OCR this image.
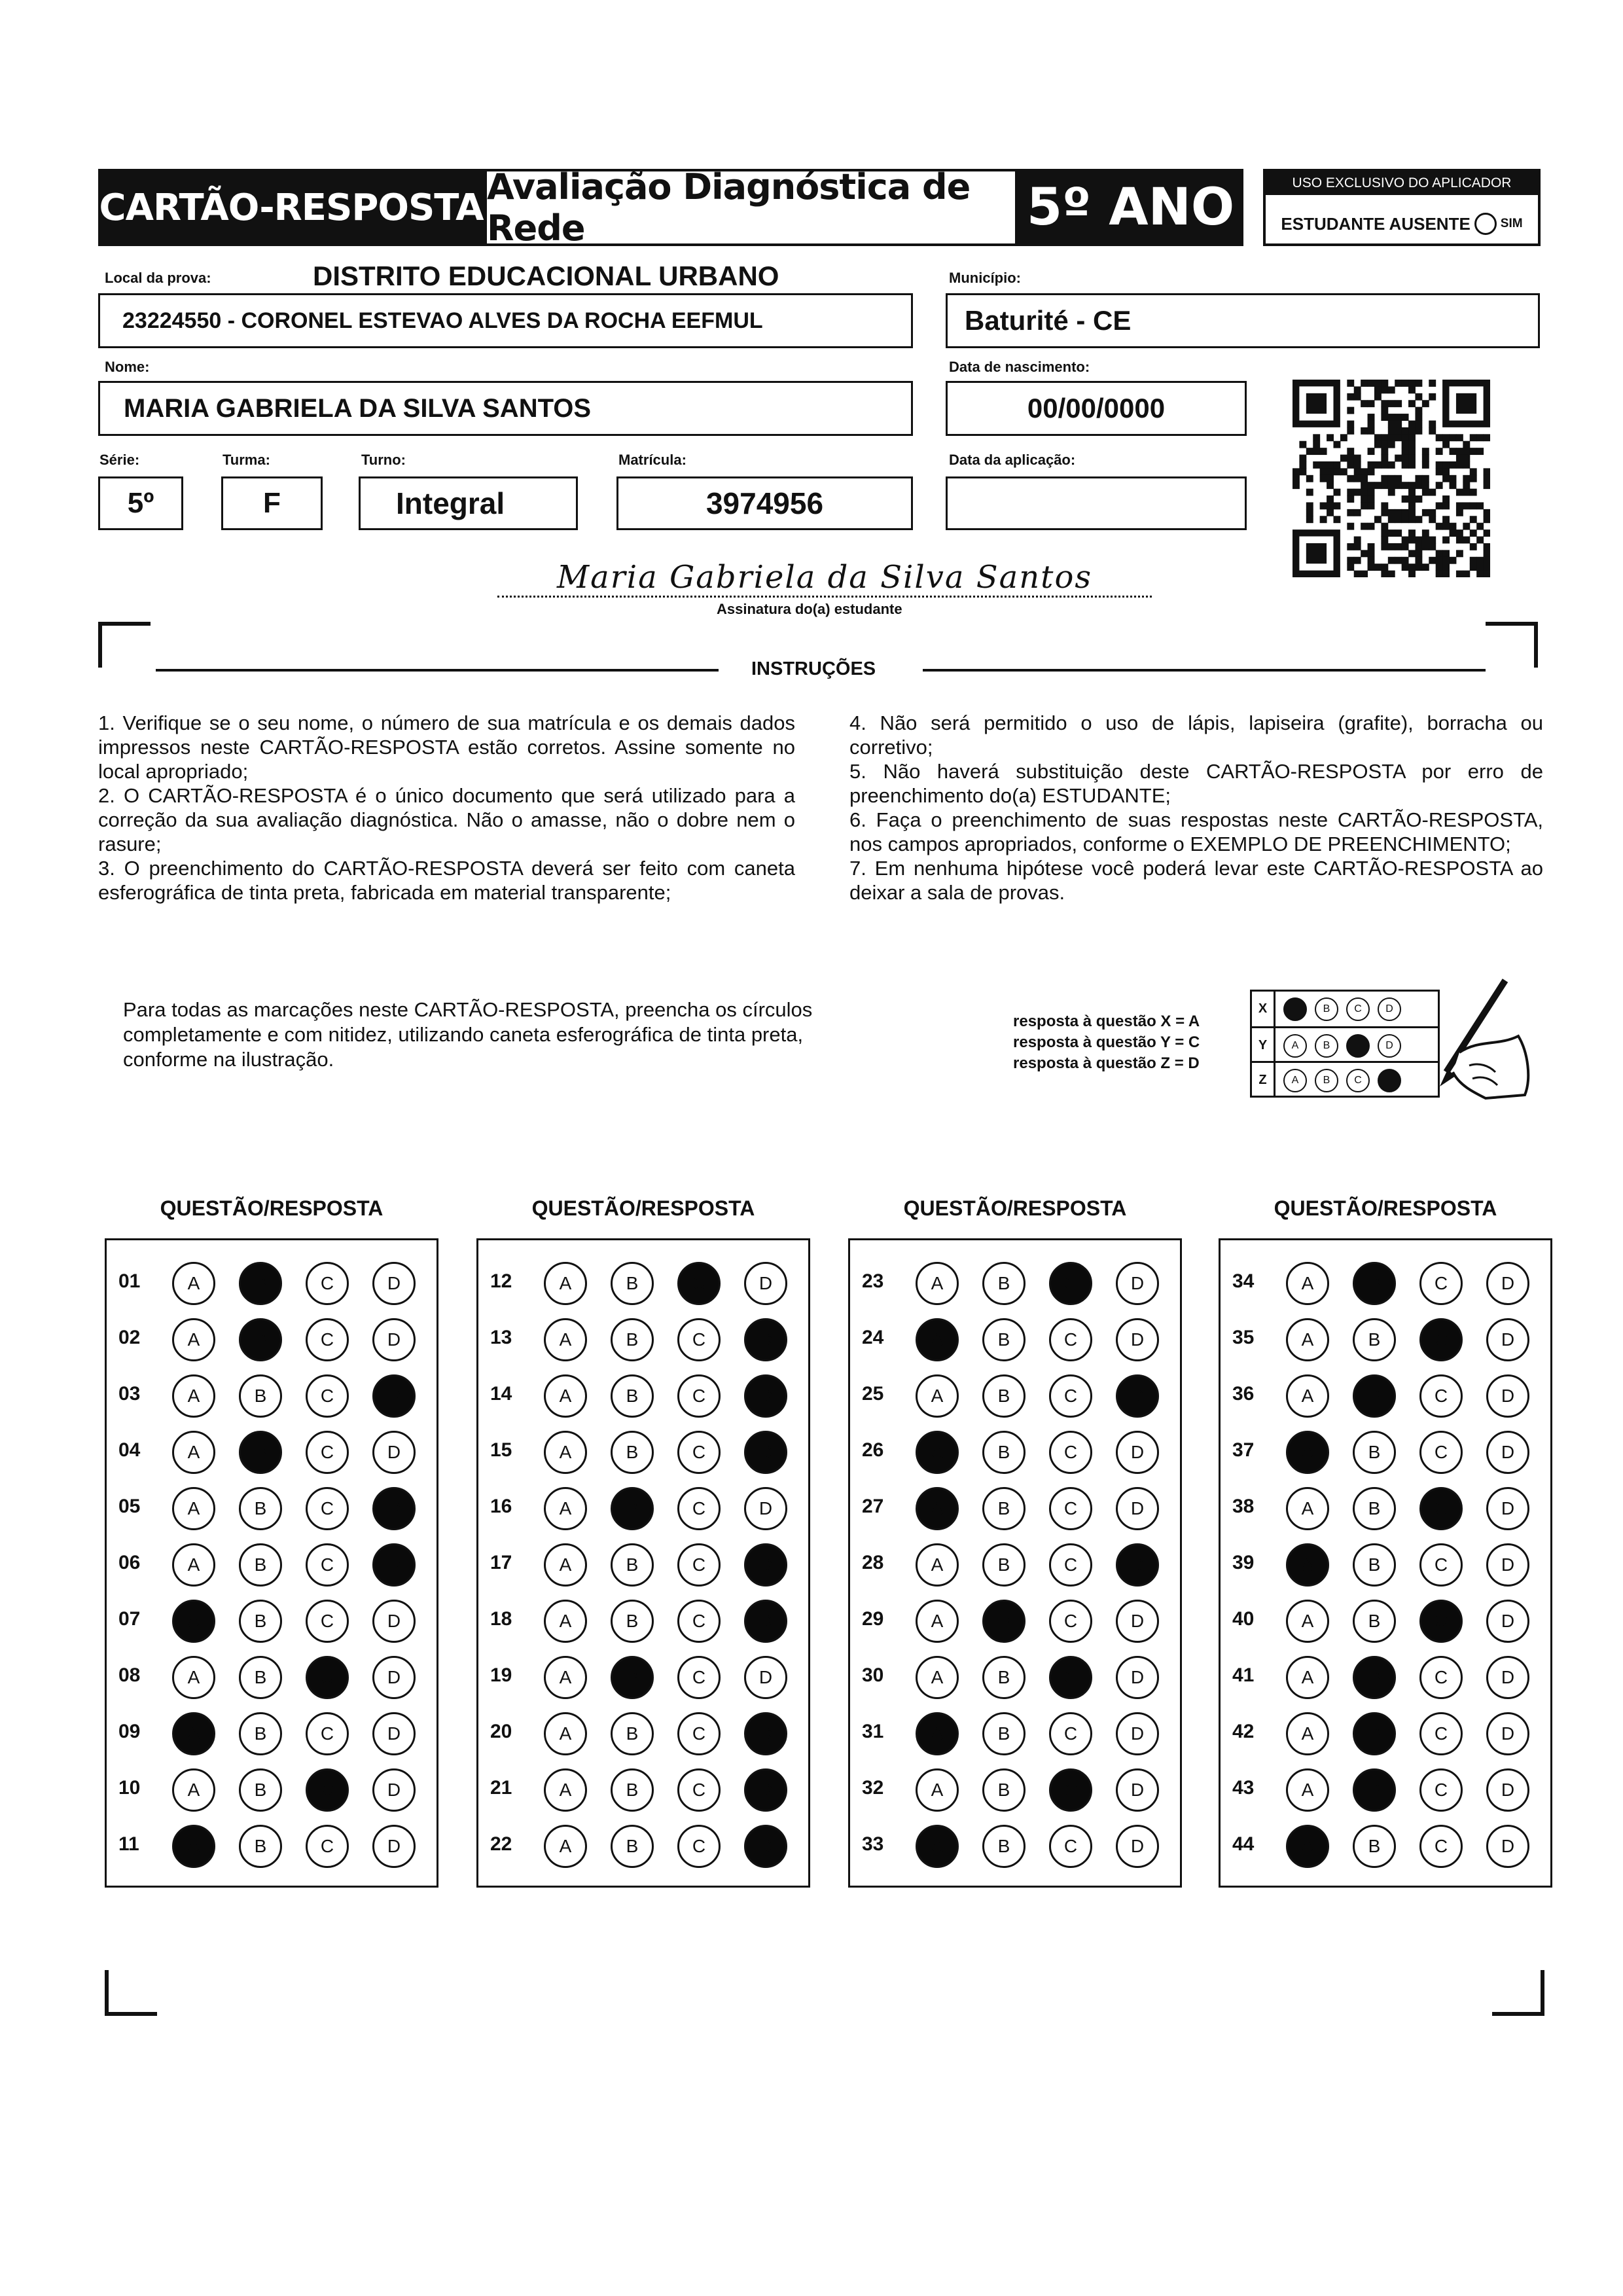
CARTÃO-RESPOSTA Avaliação Diagnóstica de Rede	5º ANO	USO EXCLUSIVO DO APLICADOR
ESTUDANTE AUSENTE SIM
Local da prova:	DISTRITO EDUCACIONAL URBANO	Município:
23224550 - CORONEL ESTEVAO ALVES DA ROCHA EEFMUL	Baturité - CE
Nome:	Data de nascimento:
MARIA GABRIELA DA SILVA SANTOS	00/00/0000
Série:	Turma:	Turno:	Matrícula:	Data da aplicação:
5º	F	Integral	3974956
Maria Gabriela da Silva Santos
Assinatura do(a) estudante
INSTRUÇÕES

1. Verifique se o seu nome, o número de sua matrícula e os demais dados impressos neste CARTÃO-RESPOSTA estão corretos. Assine somente no local apropriado;

2. O CARTÃO-RESPOSTA é o único documento que será utilizado para a correção da sua avaliação diagnóstica. Não o amasse, não o dobre nem o rasure;

3. O preenchimento do CARTÃO-RESPOSTA deverá ser feito com caneta esferográfica de tinta preta, fabricada em material transparente;

4. Não será permitido o uso de lápis, lapiseira (grafite), borracha ou corretivo;

5. Não haverá substituição deste CARTÃO-RESPOSTA por erro de preenchimento do(a) ESTUDANTE;

6. Faça o preenchimento de suas respostas neste CARTÃO-RESPOSTA, nos campos apropriados, conforme o EXEMPLO DE PREENCHIMENTO;

7. Em nenhuma hipótese você poderá levar este CARTÃO-RESPOSTA ao deixar a sala de provas.

Para todas as marcações neste CARTÃO-RESPOSTA, preencha os círculos completamente e com nitidez, utilizando caneta esferográfica de tinta preta, conforme na ilustração.
resposta à questão X = A
resposta à questão Y = C
resposta à questão Z = D
X	B	C	D
Y	A	B	D
Z	A	B	C
QUESTÃO/RESPOSTA
01	A	B	C	D
02	A	B	C	D
03	A	B	C	D
04	A	B	C	D
05	A	B	C	D
06	A	B	C	D
07	A	B	C	D
08	A	B	C	D
09	A	B	C	D
10	A	B	C	D
11	A	B	C	D
QUESTÃO/RESPOSTA
12	A	B	C	D
13	A	B	C	D
14	A	B	C	D
15	A	B	C	D
16	A	B	C	D
17	A	B	C	D
18	A	B	C	D
19	A	B	C	D
20	A	B	C	D
21	A	B	C	D
22	A	B	C	D
QUESTÃO/RESPOSTA
23	A	B	C	D
24	A	B	C	D
25	A	B	C	D
26	A	B	C	D
27	A	B	C	D
28	A	B	C	D
29	A	B	C	D
30	A	B	C	D
31	A	B	C	D
32	A	B	C	D
33	A	B	C	D
QUESTÃO/RESPOSTA
34	A	B	C	D
35	A	B	C	D
36	A	B	C	D
37	A	B	C	D
38	A	B	C	D
39	A	B	C	D
40	A	B	C	D
41	A	B	C	D
42	A	B	C	D
43	A	B	C	D
44	A	B	C	D
